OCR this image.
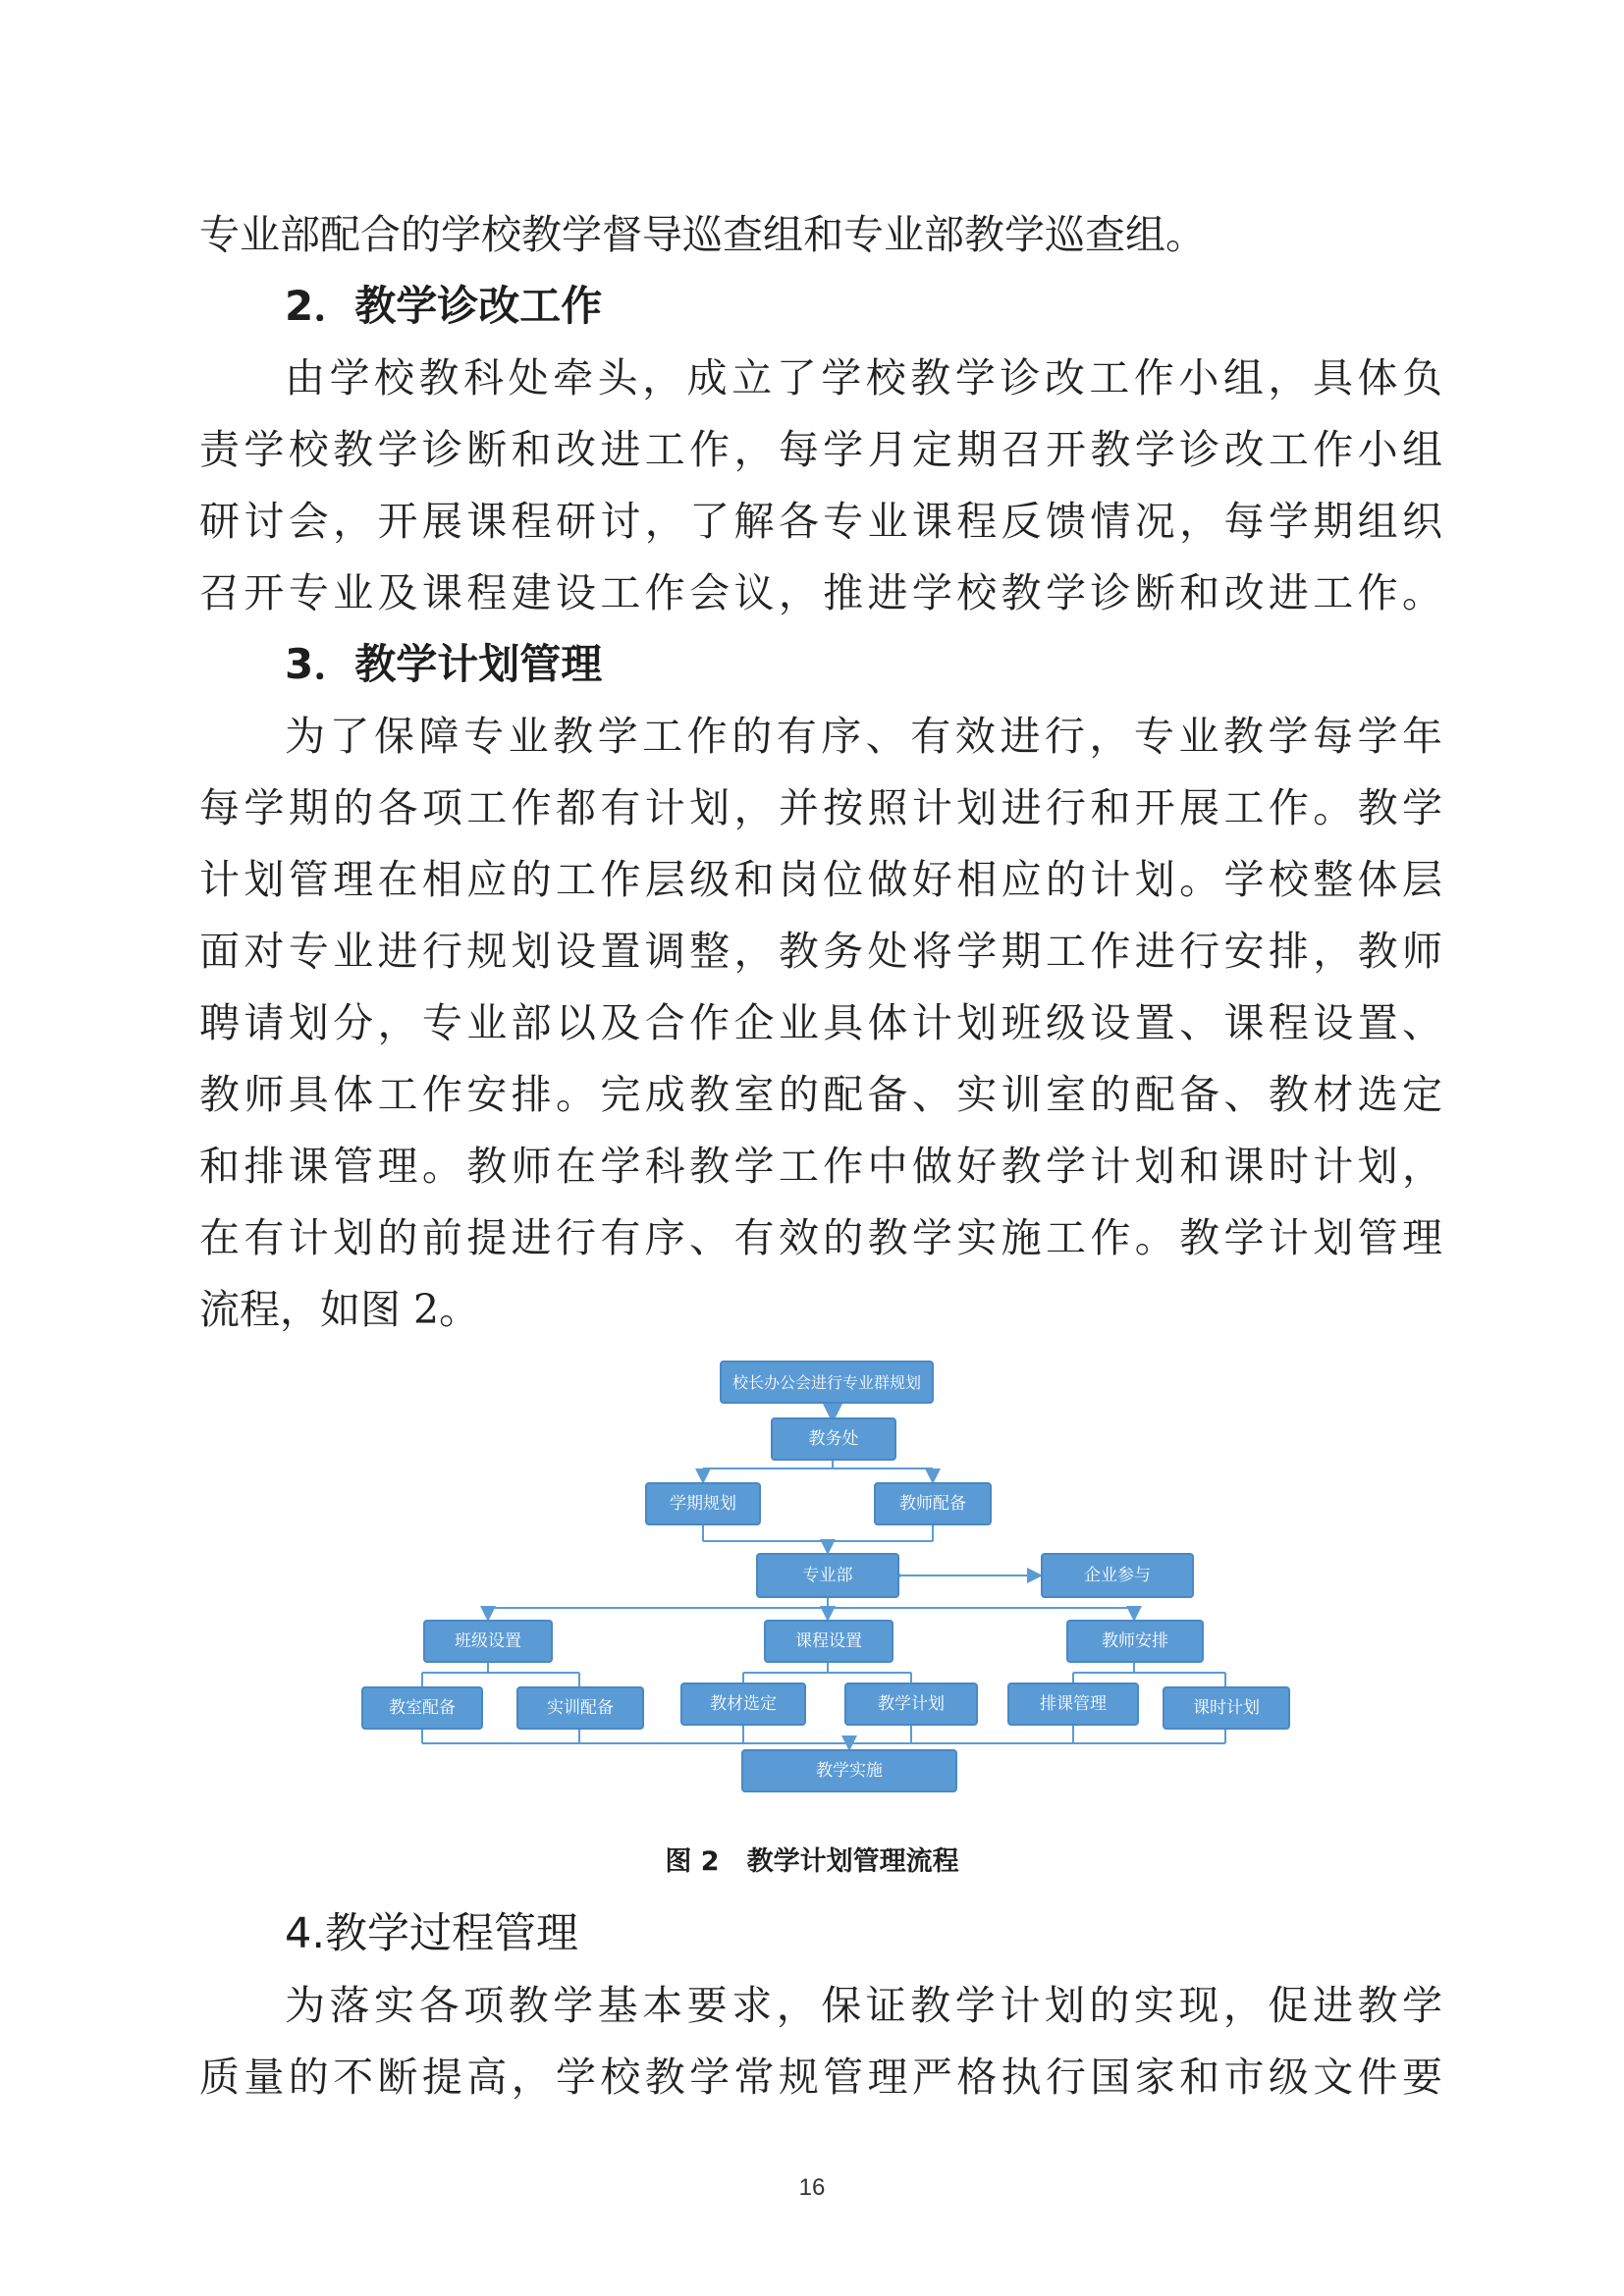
专业部配合的学校教学督导巡查组和专业部教学巡查组。
2．教学诊改工作
由学校教科处牵头，成立了学校教学诊改工作小组，具体负
责学校教学诊断和改进工作，每学月定期召开教学诊改工作小组
研讨会，开展课程研讨，了解各专业课程反馈情况，每学期组织
召开专业及课程建设工作会议，推进学校教学诊断和改进工作。
3．教学计划管理
为了保障专业教学工作的有序、有效进行，专业教学每学年
每学期的各项工作都有计划，并按照计划进行和开展工作。教学
计划管理在相应的工作层级和岗位做好相应的计划。学校整体层
面对专业进行规划设置调整，教务处将学期工作进行安排，教师
聘请划分，专业部以及合作企业具体计划班级设置、课程设置、
教师具体工作安排。完成教室的配备、实训室的配备、教材选定
和排课管理。教师在学科教学工作中做好教学计划和课时计划，
在有计划的前提进行有序、有效的教学实施工作。教学计划管理
流程，如图 2。
校长办公会进行专业群规划
教务处
学期规划	教师配备
专业部	企业参与
班级设置	课程设置	教师安排
教室配备	实训配备	教材选定	教学计划	排课管理	课时计划
教学实施
图 2 教学计划管理流程
4.教学过程管理
为落实各项教学基本要求，保证教学计划的实现，促进教学
质量的不断提高，学校教学常规管理严格执行国家和市级文件要
16
